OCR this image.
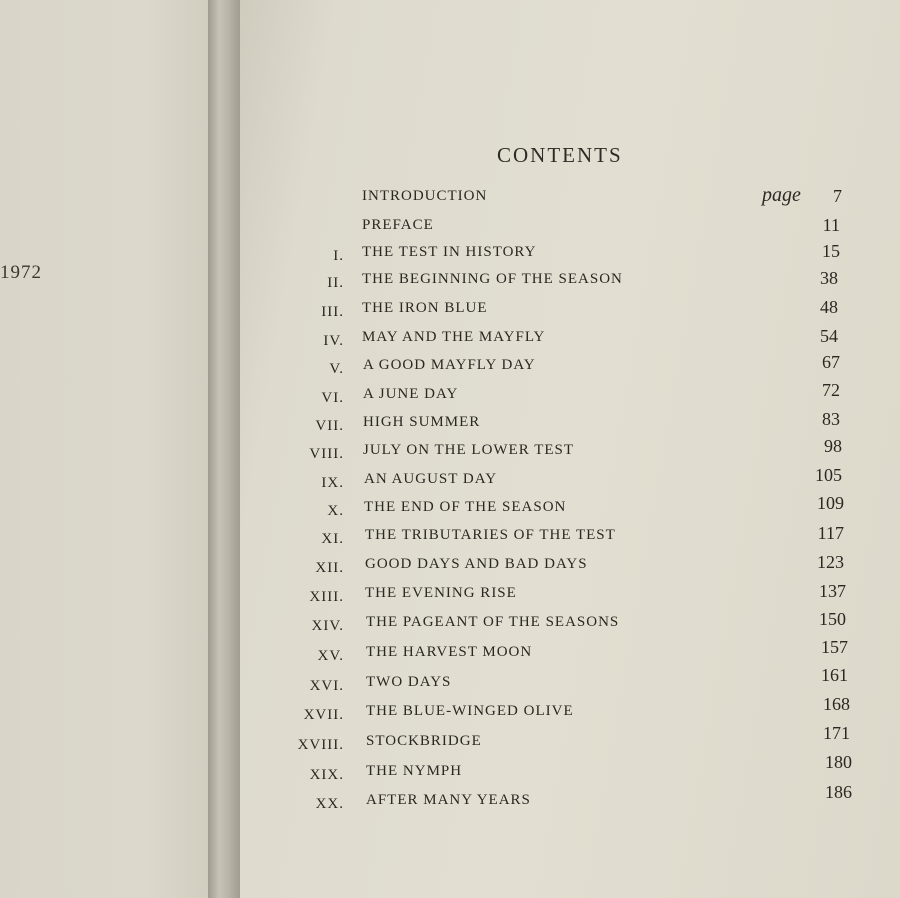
1972
CONTENTS
page
INTRODUCTION	7
PREFACE	11
I. THE TEST IN HISTORY	15
II. THE BEGINNING OF THE SEASON	38
III. THE IRON BLUE	48
IV. MAY AND THE MAYFLY	54
V. A GOOD MAYFLY DAY	67
VI. A JUNE DAY	72
VII. HIGH SUMMER	83
VIII. JULY ON THE LOWER TEST	98
IX. AN AUGUST DAY	105
X. THE END OF THE SEASON	109
XI. THE TRIBUTARIES OF THE TEST	117
XII. GOOD DAYS AND BAD DAYS	123
XIII. THE EVENING RISE	137
XIV. THE PAGEANT OF THE SEASONS	150
XV. THE HARVEST MOON	157
XVI. TWO DAYS	161
XVII. THE BLUE-WINGED OLIVE	168
XVIII. STOCKBRIDGE	171
XIX. THE NYMPH	180
XX. AFTER MANY YEARS	186
